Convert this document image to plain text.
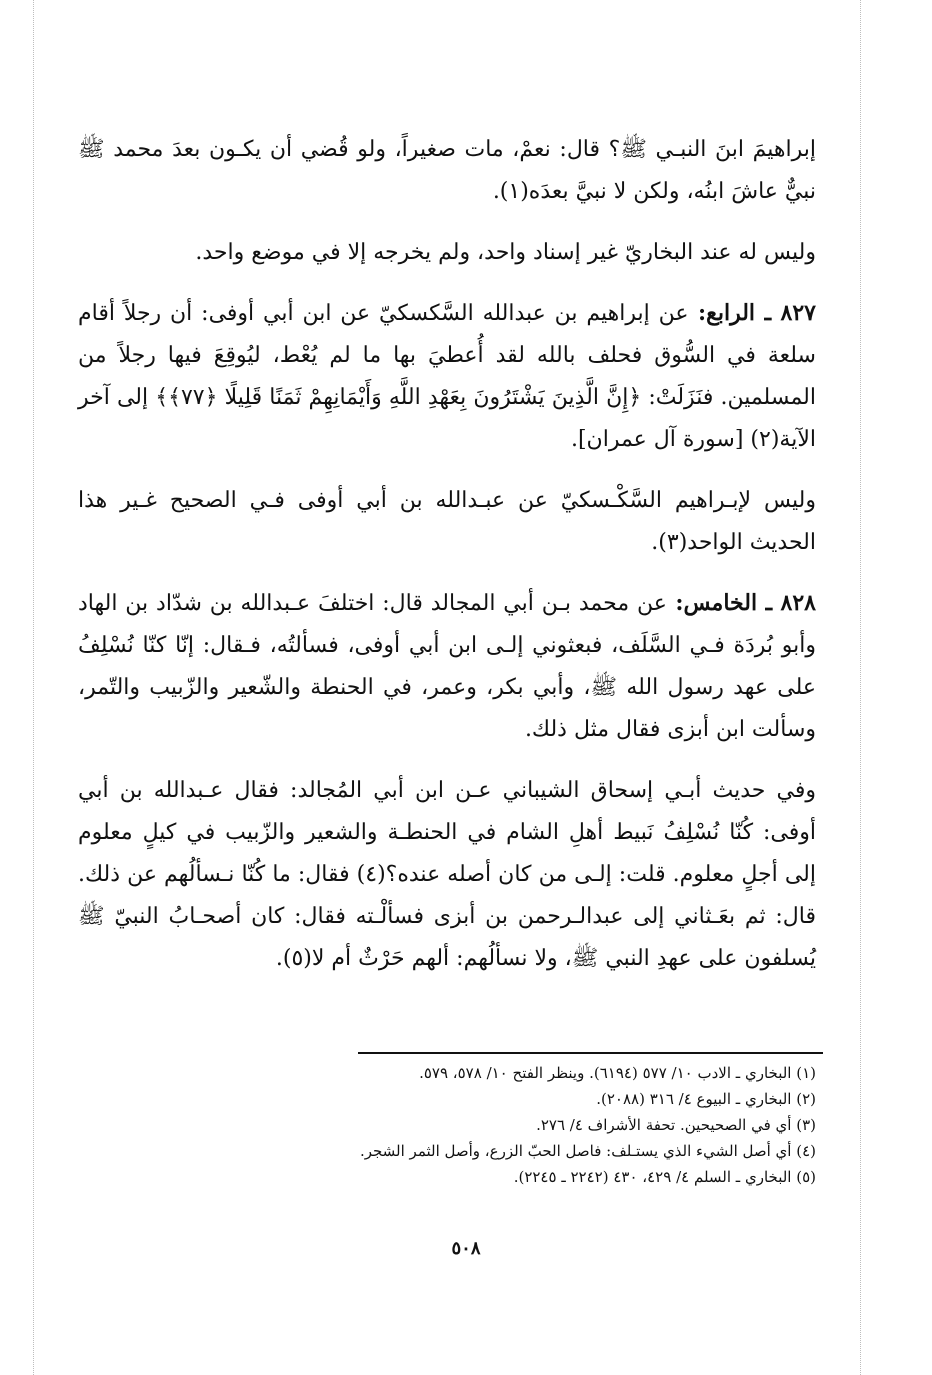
إبراهيمَ ابنَ النبـي ﷺ؟ قال: نعمْ، مات صغيراً، ولو قُضي أن يكـون بعدَ محمد ﷺ نبيٌّ عاشَ ابنُه، ولكن لا نبيَّ بعدَه(١).

وليس له عند البخاريّ غير إسناد واحد، ولم يخرجه إلا في موضع واحد.

٨٢٧ ـ الرابع: عن إبراهيم بن عبدالله السَّكسكيّ عن ابن أبي أوفى: أن رجلاً أقام سلعة في السُّوق فحلف بالله لقد أُعطيَ بها ما لم يُعْط، ليُوقِعَ فيها رجلاً من المسلمين. فنَزَلَتْ: ﴿إِنَّ الَّذِينَ يَشْتَرُونَ بِعَهْدِ اللَّهِ وَأَيْمَانِهِمْ ثَمَنًا قَلِيلًا ﴿٧٧﴾﴾ إلى آخر الآية(٢) [سورة آل عمران].

وليس لإبـراهيم السَّكْـسكيّ عن عبـدالله بن أبي أوفى فـي الصحيح غـير هذا الحديث الواحد(٣).

٨٢٨ ـ الخامس: عن محمد بـن أبي المجالد قال: اختلفَ عـبدالله بن شدّاد بن الهاد وأبو بُردَة فـي السَّلَف، فبعثوني إلـى ابن أبي أوفى، فسألتُه، فـقال: إنّا كنّا نُسْلِفُ على عهد رسول الله ﷺ، وأبي بكر، وعمر، في الحنطة والشّعير والزّبيب والتّمر، وسألت ابن أبزى فقال مثل ذلك.

وفي حديث أبـي إسحاق الشيباني عـن ابن أبي المُجالد: فقال عـبدالله بن أبي أوفى: كُنّا نُسْلِفُ نَبيط أهلِ الشام في الحنطـة والشعير والزّبيب في كيلٍ معلوم إلى أجلٍ معلوم. قلت: إلـى من كان أصله عنده؟(٤) فقال: ما كُنّا نـسألُهم عن ذلك. قال: ثم بعَـثاني إلى عبدالـرحمن بن أبزى فسألْـته فقال: كان أصحـابُ النبيّ ﷺ يُسلفون على عهدِ النبي ﷺ، ولا نسألُهم: ألهم حَرْثٌ أم لا(٥).

(١) البخاري ـ الادب ١٠/ ٥٧٧ (٦١٩٤). وينظر الفتح ١٠/ ٥٧٨، ٥٧٩.
(٢) البخاري ـ البيوع ٤/ ٣١٦ (٢٠٨٨).
(٣) أي في الصحيحين. تحفة الأشراف ٤/ ٢٧٦.
(٤) أي أصل الشيء الذي يستـلف: فاصل الحبّ الزرع، وأصل الثمر الشجر.
(٥) البخاري ـ السلم ٤/ ٤٢٩، ٤٣٠ (٢٢٤٢ ـ ٢٢٤٥).
٥٠٨
